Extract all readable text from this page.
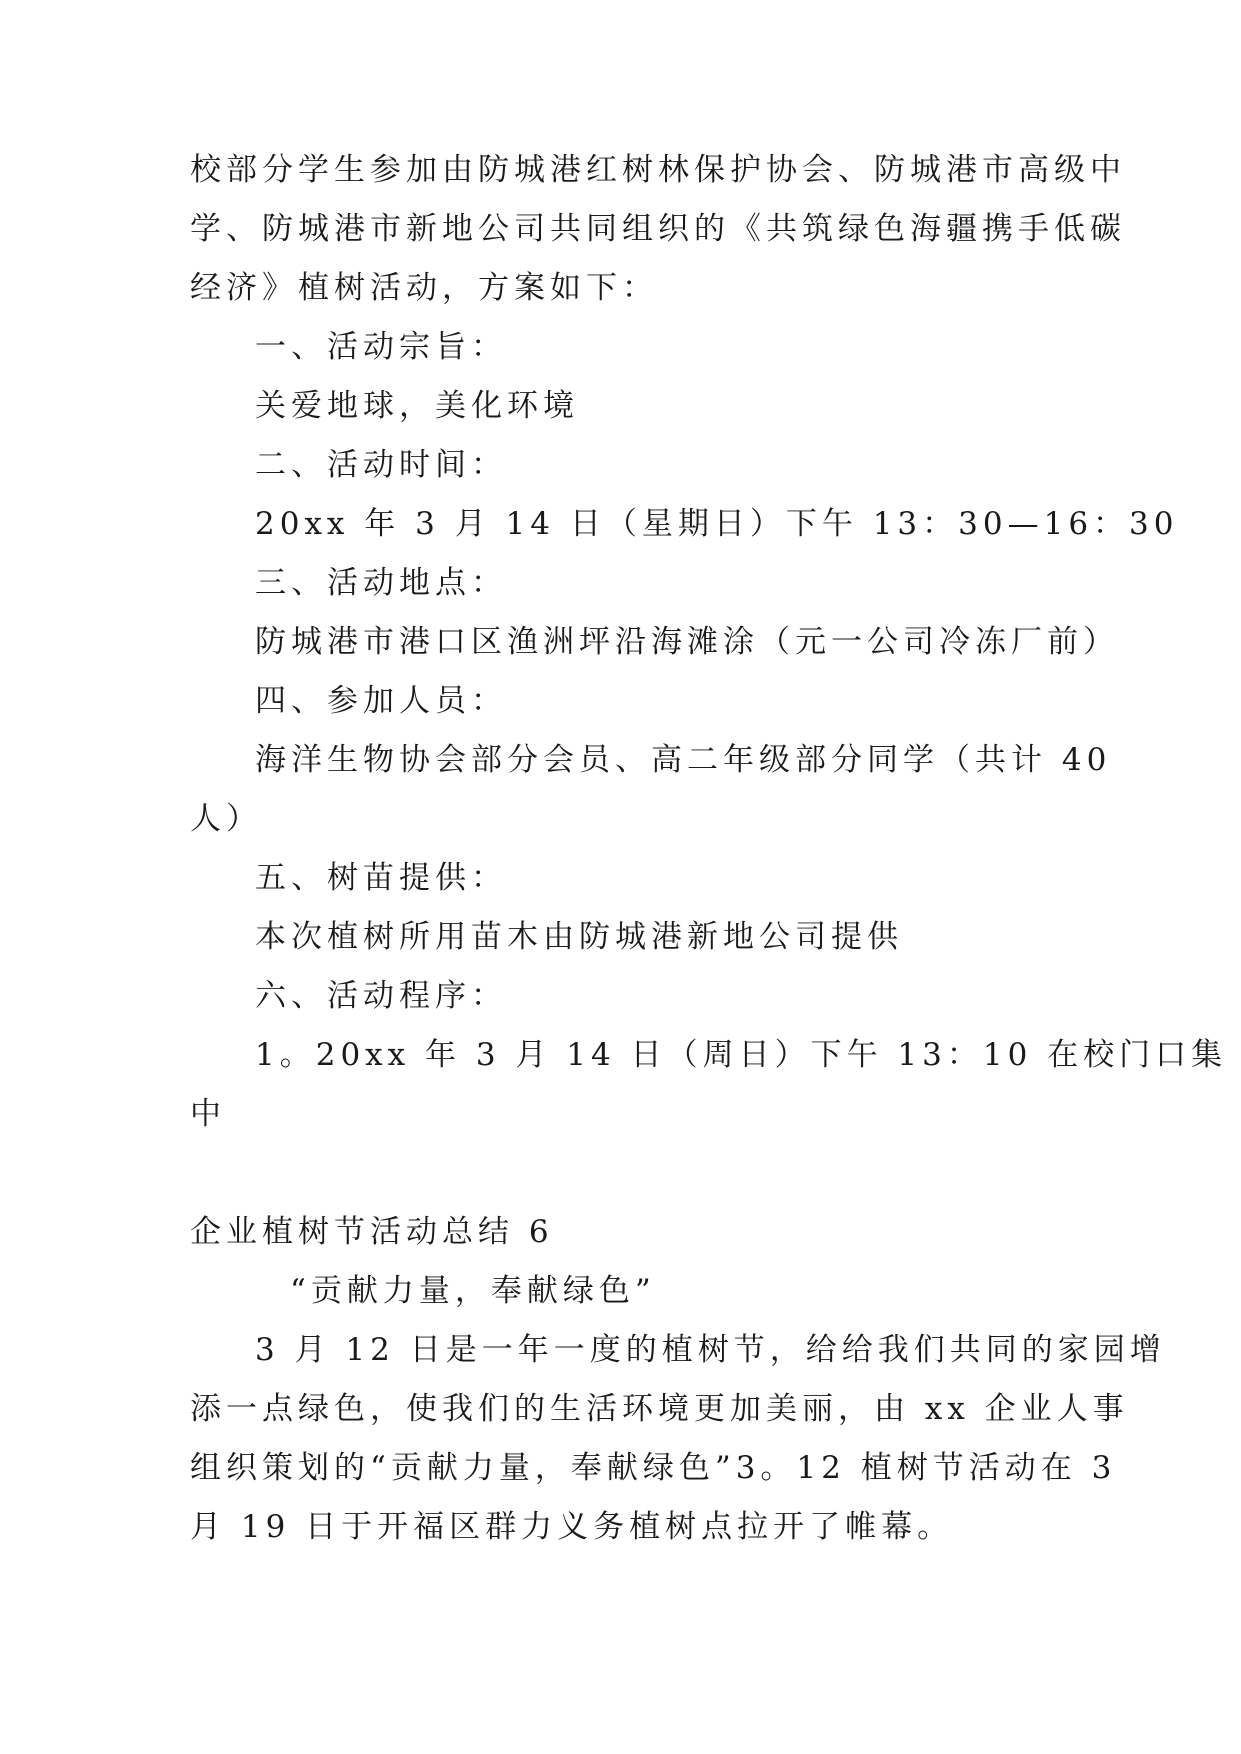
校部分学生参加由防城港红树林保护协会、防城港市高级中
学、防城港市新地公司共同组织的《共筑绿色海疆携手低碳
经济》植树活动，方案如下：
一、活动宗旨：
关爱地球，美化环境
二、活动时间：
20xx 年 3 月 14 日（星期日）下午 13：30—16：30
三、活动地点：
防城港市港口区渔洲坪沿海滩涂（元一公司冷冻厂前）
四、参加人员：
海洋生物协会部分会员、高二年级部分同学（共计 40
人）
五、树苗提供：
本次植树所用苗木由防城港新地公司提供
六、活动程序：
1。20xx 年 3 月 14 日（周日）下午 13：10 在校门口集
中
企业植树节活动总结 6
“贡献力量，奉献绿色”
3 月 12 日是一年一度的植树节，给给我们共同的家园增
添一点绿色，使我们的生活环境更加美丽，由 xx 企业人事
组织策划的“贡献力量，奉献绿色”3。12 植树节活动在 3
月 19 日于开福区群力义务植树点拉开了帷幕。
